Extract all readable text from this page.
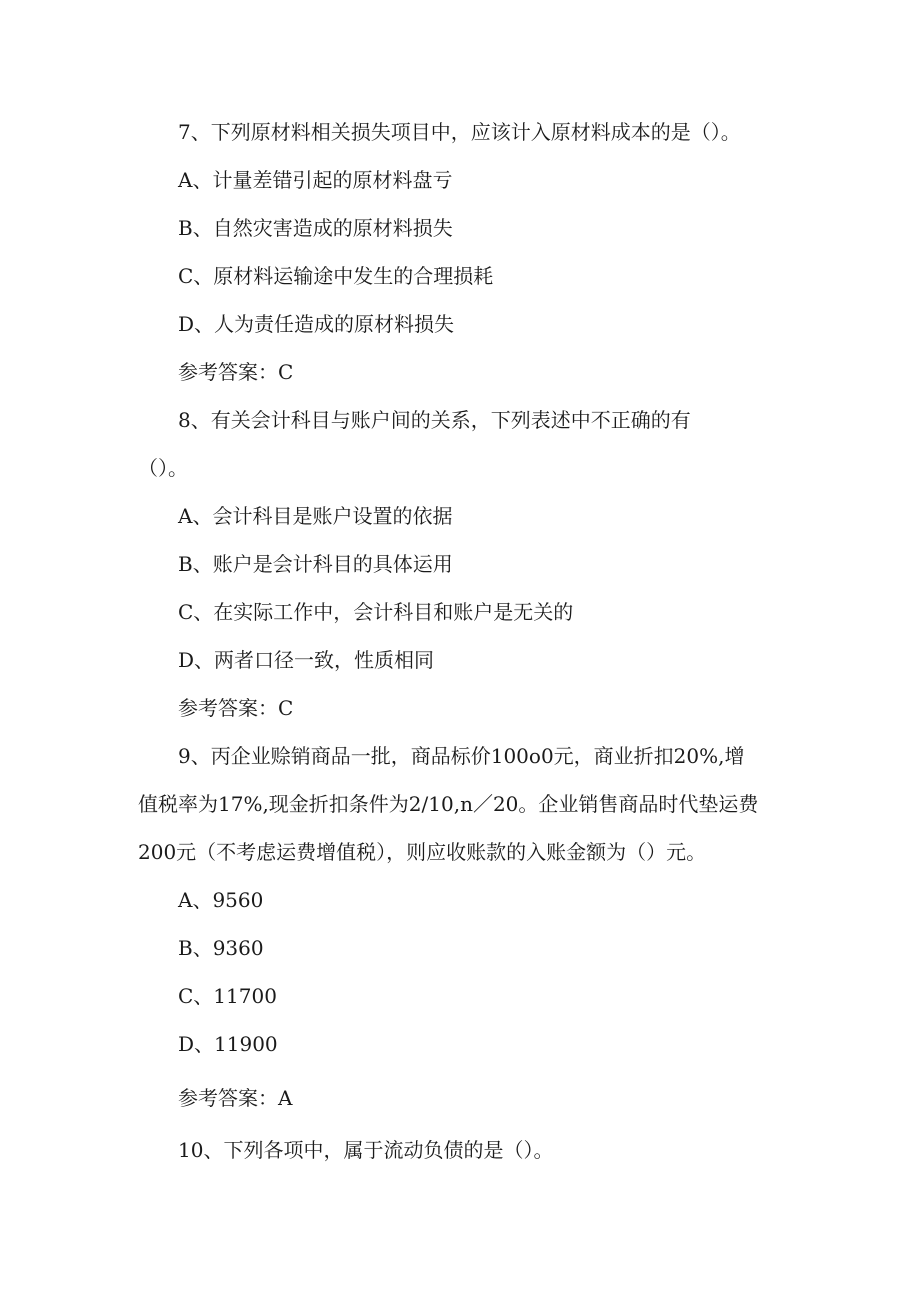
7、下列原材料相关损失项目中，应该计入原材料成本的是（）。
A、计量差错引起的原材料盘亏
B、自然灾害造成的原材料损失
C、原材料运输途中发生的合理损耗
D、人为责任造成的原材料损失
参考答案：C
8、有关会计科目与账户间的关系，下列表述中不正确的有
（）。
A、会计科目是账户设置的依据
B、账户是会计科目的具体运用
C、在实际工作中，会计科目和账户是无关的
D、两者口径一致，性质相同
参考答案：C
9、丙企业赊销商品一批，商品标价100o0元，商业折扣20%,增
值税率为17%,现金折扣条件为2/10,n／20。企业销售商品时代垫运费
200元（不考虑运费增值税），则应收账款的入账金额为（）元。
A、9560
B、9360
C、11700
D、11900
参考答案：A
10、下列各项中，属于流动负债的是（）。
